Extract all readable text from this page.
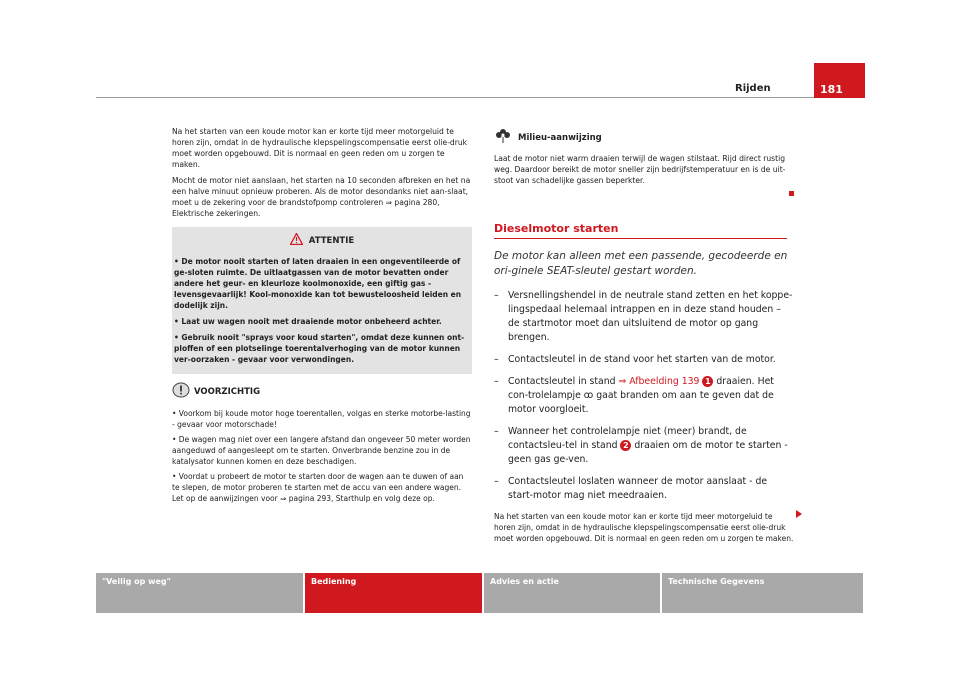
Rijden	181

Na het starten van een koude motor kan er korte tijd meer motorgeluid te horen zijn, omdat in de hydraulische klepspelingscompensatie eerst olie-druk moet worden opgebouwd. Dit is normaal en geen reden om u zorgen te maken.

Mocht de motor niet aanslaan, het starten na 10 seconden afbreken en het na een halve minuut opnieuw proberen. Als de motor desondanks niet aan-slaat, moet u de zekering voor de brandstofpomp controleren ⇒ pagina 280, Elektrische zekeringen.

ATTENTIE

• De motor nooit starten of laten draaien in een ongeventileerde of ge-sloten ruimte. De uitlaatgassen van de motor bevatten onder andere het geur- en kleurloze koolmonoxide, een giftig gas - levensgevaarlijk! Kool-monoxide kan tot bewusteloosheid leiden en dodelijk zijn.

• Laat uw wagen nooit met draaiende motor onbeheerd achter.

• Gebruik nooit "sprays voor koud starten", omdat deze kunnen ont-ploffen of een plotselinge toerentalverhoging van de motor kunnen ver-oorzaken - gevaar voor verwondingen.

VOORZICHTIG

• Voorkom bij koude motor hoge toerentallen, volgas en sterke motorbe-lasting - gevaar voor motorschade!

• De wagen mag niet over een langere afstand dan ongeveer 50 meter worden aangeduwd of aangesleept om te starten. Onverbrande benzine zou in de katalysator kunnen komen en deze beschadigen.

• Voordat u probeert de motor te starten door de wagen aan te duwen of aan te slepen, de motor proberen te starten met de accu van een andere wagen. Let op de aanwijzingen voor ⇒ pagina 293, Starthulp en volg deze op.

Milieu-aanwijzing
Laat de motor niet warm draaien terwijl de wagen stilstaat. Rijd direct rustig weg. Daardoor bereikt de motor sneller zijn bedrijfstemperatuur en is de uit-stoot van schadelijke gassen beperkter.
Dieselmotor starten
De motor kan alleen met een passende, gecodeerde en ori-ginele SEAT-sleutel gestart worden.
–	Versnellingshendel in de neutrale stand zetten en het koppe-lingspedaal helemaal intrappen en in deze stand houden – de startmotor moet dan uitsluitend de motor op gang brengen.
–	Contactsleutel in de stand voor het starten van de motor.
–	Contactsleutel in stand ⇒ Afbeelding 139 1 draaien. Het con-trolelampje ꝏ gaat branden om aan te geven dat de motor voorgloeit.
–	Wanneer het controlelampje niet (meer) brandt, de contactsleu-tel in stand 2 draaien om de motor te starten - geen gas ge-ven.
–	Contactsleutel loslaten wanneer de motor aanslaat - de start-motor mag niet meedraaien.
Na het starten van een koude motor kan er korte tijd meer motorgeluid te horen zijn, omdat in de hydraulische klepspelingscompensatie eerst olie-druk moet worden opgebouwd. Dit is normaal en geen reden om u zorgen te maken.
"Veilig op weg"	Bediening	Advies en actie	Technische Gegevens
